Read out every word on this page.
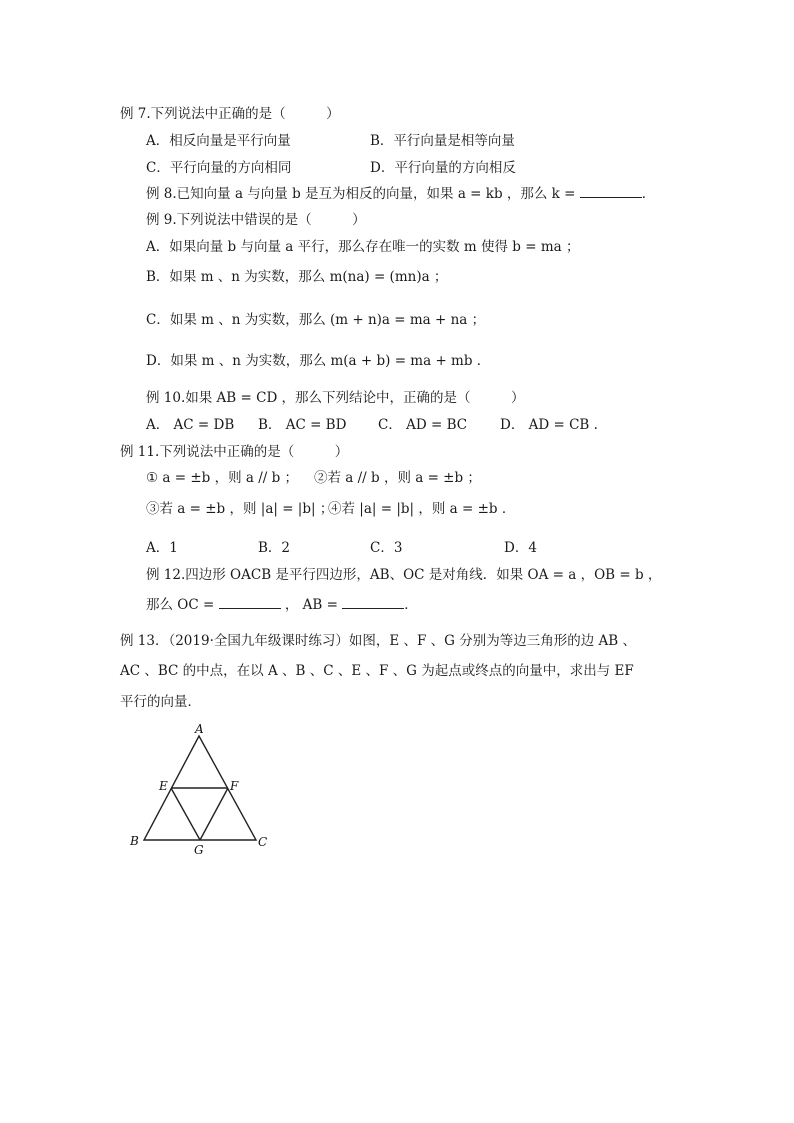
例 7.下列说法中正确的是（　　　）
A．相反向量是平行向量	B．平行向量是相等向量
C．平行向量的方向相同	D．平行向量的方向相反
例 8.已知向量 a 与向量 b 是互为相反的向量，如果 a = kb ，那么 k =	．
例 9.下列说法中错误的是（　　　）
A．如果向量 b 与向量 a 平行，那么存在唯一的实数 m 使得 b = ma ；
B．如果 m 、n 为实数，那么 m(na) = (mn)a ；
C．如果 m 、n 为实数，那么 (m + n)a = ma + na ；
D．如果 m 、n 为实数，那么 m(a + b) = ma + mb ．
例 10.如果 AB = CD ，那么下列结论中，正确的是（　　　）
A． AC = DB B． AC = BD C． AD = BC D． AD = CB .
例 11.下列说法中正确的是（　　　）
① a = ±b ，则 a // b ； ②若 a // b ，则 a = ±b ；
③若 a = ±b ，则 |a| = |b| ；
④若 |a| = |b| ，则 a = ±b ．
A．1	B．2	C．3	D．4
例 12.四边形 OACB 是平行四边形，AB、OC 是对角线．如果 OA = a ，OB = b ，
那么 OC =	， AB =	．
例 13．（2019·全国九年级课时练习）如图，E 、F 、G 分别为等边三角形的边 AB 、
AC 、BC 的中点，在以 A 、B 、C 、E 、F 、G 为起点或终点的向量中，求出与 EF
平行的向量．
A
B	C
E	F
G
